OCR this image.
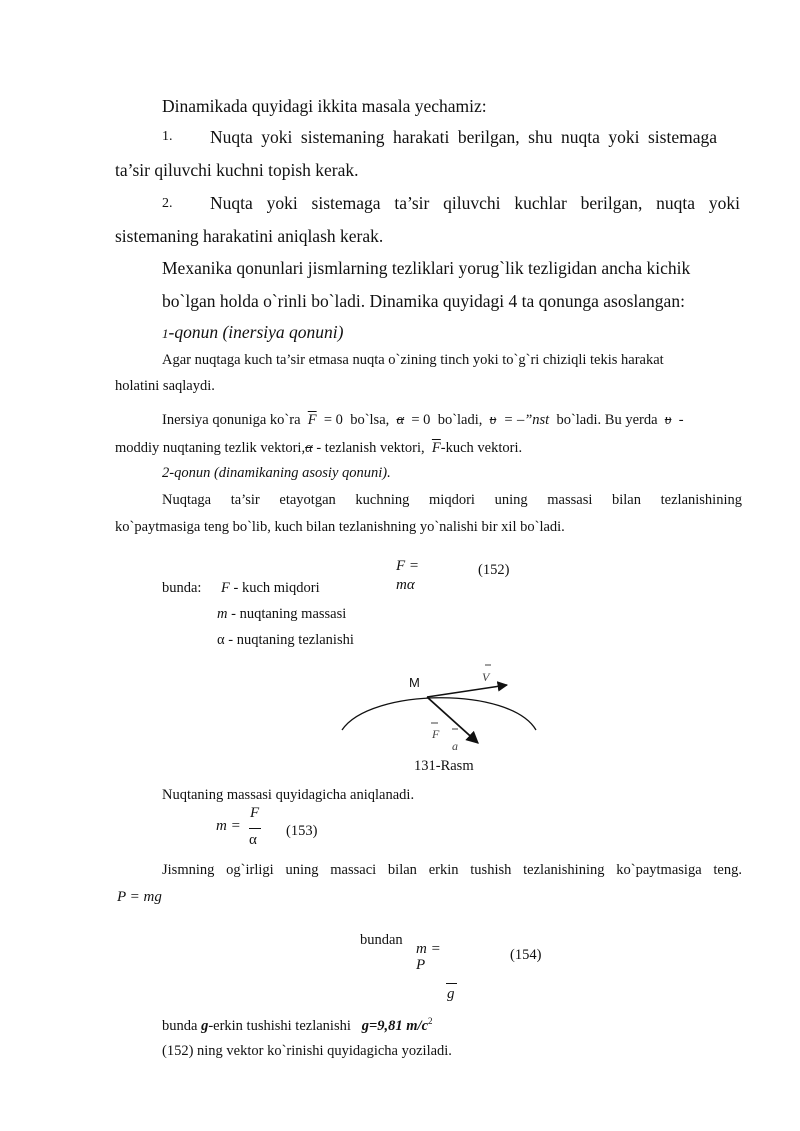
Dinamikada quyidagi ikkita masala yechamiz:
1. Nuqta yoki sistemaning harakati berilgan, shu nuqta yoki sistemaga
ta’sir qiluvchi kuchni topish kerak.
2. Nuqta yoki sistemaga ta’sir qiluvchi kuchlar berilgan, nuqta yoki
sistemaning harakatini aniqlash kerak.
Mexanika qonunlari jismlarning tezliklari yorug`lik tezligidan ancha kichik
bo`lgan holda o`rinli bo`ladi. Dinamika quyidagi 4 ta qonunga asoslangan:
1-qonun (inersiya qonuni)
Agar nuqtaga kuch ta’sir etmasa nuqta o`zining tinch yoki to`g`ri chiziqli tekis harakat
holatini saqlaydi.
Inersiya qonuniga ko`ra $\overline{F} = 0$ bo`lsa, α = 0 bo`ladi, υ = –”nst bo`ladi. Bu yerda υ -
moddiy nuqtaning tezlik vektori,α - tezlanish vektori, $\overline{F}$-kuch vektori.
2-qonun (dinamikaning asosiy qonuni).
Nuqtaga ta’sir etayotgan kuchning miqdori uning massasi bilan tezlanishining
ko`paytmasiga teng bo`lib, kuch bilan tezlanishning yo`nalishi bir xil bo`ladi.
F =
mα
(152)
bunda: F - kuch miqdori
m - nuqtaning massasi
α - nuqtaning tezlanishi
M	V
F
a
131-Rasm
Nuqtaning massasi quyidagicha aniqlanadi.
m =
F
α
(153)
Jismning og`irligi uning massaci bilan erkin tushish tezlanishining ko`paytmasiga teng.
P = mg
bundan
m =
P
(154)
g
bunda g-erkin tushishi tezlanishi g=9,81 $m/c^2$
(152) ning vektor ko`rinishi quyidagicha yoziladi.
